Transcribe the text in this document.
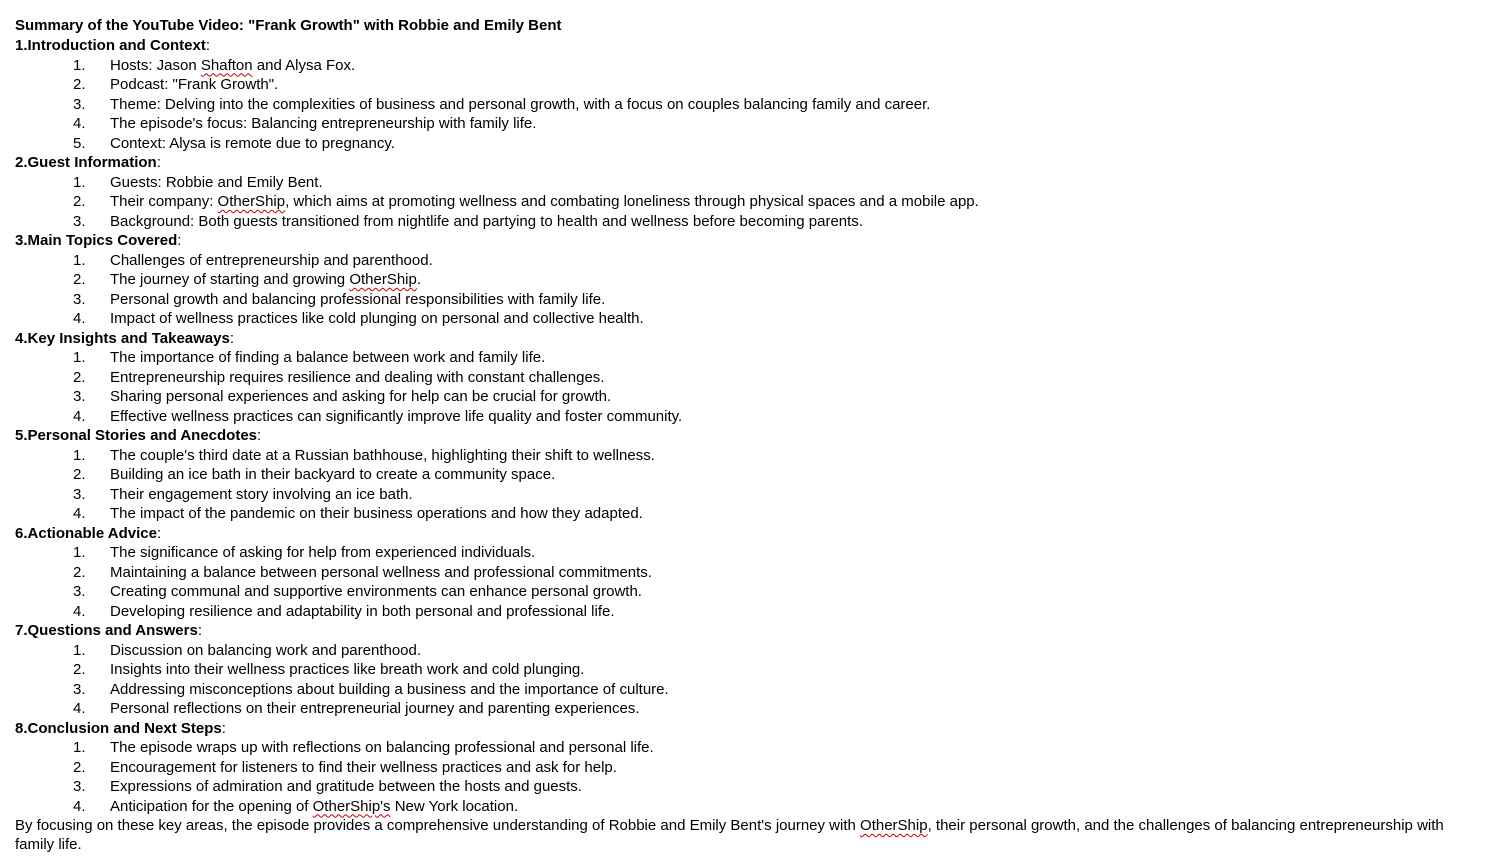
Summary of the YouTube Video: "Frank Growth" with Robbie and Emily Bent
1.Introduction and Context:
1.	Hosts: Jason Shafton and Alysa Fox.
2.	Podcast: "Frank Growth".
3.	Theme: Delving into the complexities of business and personal growth, with a focus on couples balancing family and career.
4.	The episode's focus: Balancing entrepreneurship with family life.
5.	Context: Alysa is remote due to pregnancy.
2.Guest Information:
1.	Guests: Robbie and Emily Bent.
2.	Their company: OtherShip, which aims at promoting wellness and combating loneliness through physical spaces and a mobile app.
3.	Background: Both guests transitioned from nightlife and partying to health and wellness before becoming parents.
3.Main Topics Covered:
1.	Challenges of entrepreneurship and parenthood.
2.	The journey of starting and growing OtherShip.
3.	Personal growth and balancing professional responsibilities with family life.
4.	Impact of wellness practices like cold plunging on personal and collective health.
4.Key Insights and Takeaways:
1.	The importance of finding a balance between work and family life.
2.	Entrepreneurship requires resilience and dealing with constant challenges.
3.	Sharing personal experiences and asking for help can be crucial for growth.
4.	Effective wellness practices can significantly improve life quality and foster community.
5.Personal Stories and Anecdotes:
1.	The couple's third date at a Russian bathhouse, highlighting their shift to wellness.
2.	Building an ice bath in their backyard to create a community space.
3.	Their engagement story involving an ice bath.
4.	The impact of the pandemic on their business operations and how they adapted.
6.Actionable Advice:
1.	The significance of asking for help from experienced individuals.
2.	Maintaining a balance between personal wellness and professional commitments.
3.	Creating communal and supportive environments can enhance personal growth.
4.	Developing resilience and adaptability in both personal and professional life.
7.Questions and Answers:
1.	Discussion on balancing work and parenthood.
2.	Insights into their wellness practices like breath work and cold plunging.
3.	Addressing misconceptions about building a business and the importance of culture.
4.	Personal reflections on their entrepreneurial journey and parenting experiences.
8.Conclusion and Next Steps:
1.	The episode wraps up with reflections on balancing professional and personal life.
2.	Encouragement for listeners to find their wellness practices and ask for help.
3.	Expressions of admiration and gratitude between the hosts and guests.
4.	Anticipation for the opening of OtherShip's New York location.
By focusing on these key areas, the episode provides a comprehensive understanding of Robbie and Emily Bent's journey with OtherShip, their personal growth, and the challenges of balancing entrepreneurship with family life.
